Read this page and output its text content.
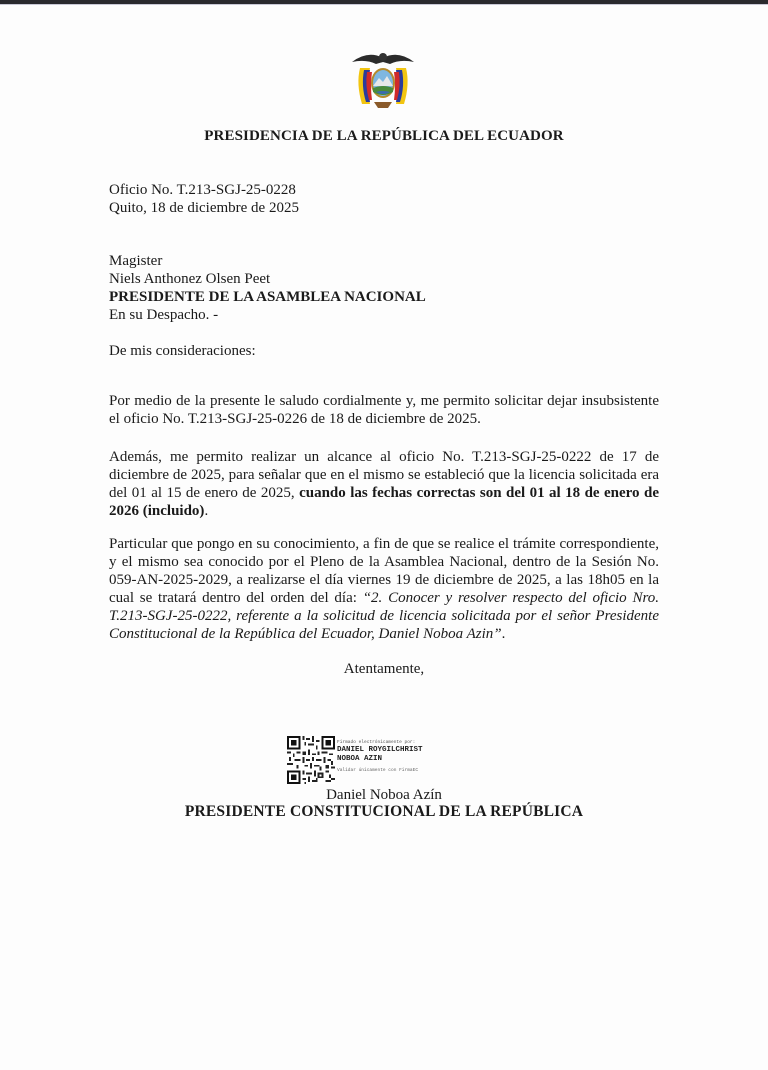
PRESIDENCIA DE LA REPÚBLICA DEL ECUADOR

Oficio No. T.213-SGJ-25-0228

Quito, 18 de diciembre de 2025

Magister

Niels Anthonez Olsen Peet

PRESIDENTE DE LA ASAMBLEA NACIONAL

En su Despacho. -

De mis consideraciones:

Por medio de la presente le saludo cordialmente y, me permito solicitar dejar insubsistente el oficio No. T.213-SGJ-25-0226 de 18 de diciembre de 2025.

Además, me permito realizar un alcance al oficio No. T.213-SGJ-25-0222 de 17 de diciembre de 2025, para señalar que en el mismo se estableció que la licencia solicitada era del 01 al 15 de enero de 2025, cuando las fechas correctas son del 01 al 18 de enero de 2026 (incluido).

Particular que pongo en su conocimiento, a fin de que se realice el trámite correspondiente, y el mismo sea conocido por el Pleno de la Asamblea Nacional, dentro de la Sesión No. 059-AN-2025-2029, a realizarse el día viernes 19 de diciembre de 2025, a las 18h05 en la cual se tratará dentro del orden del día: “2. Conocer y resolver respecto del oficio Nro. T.213-SGJ-25-0222, referente a la solicitud de licencia solicitada por el señor Presidente Constitucional de la República del Ecuador, Daniel Noboa Azin”.

Atentamente,
Firmado electrónicamente por:
DANIEL ROYGILCHRIST
NOBOA AZIN
Validar únicamente con FirmaEC
Daniel Noboa Azín
PRESIDENTE CONSTITUCIONAL DE LA REPÚBLICA
